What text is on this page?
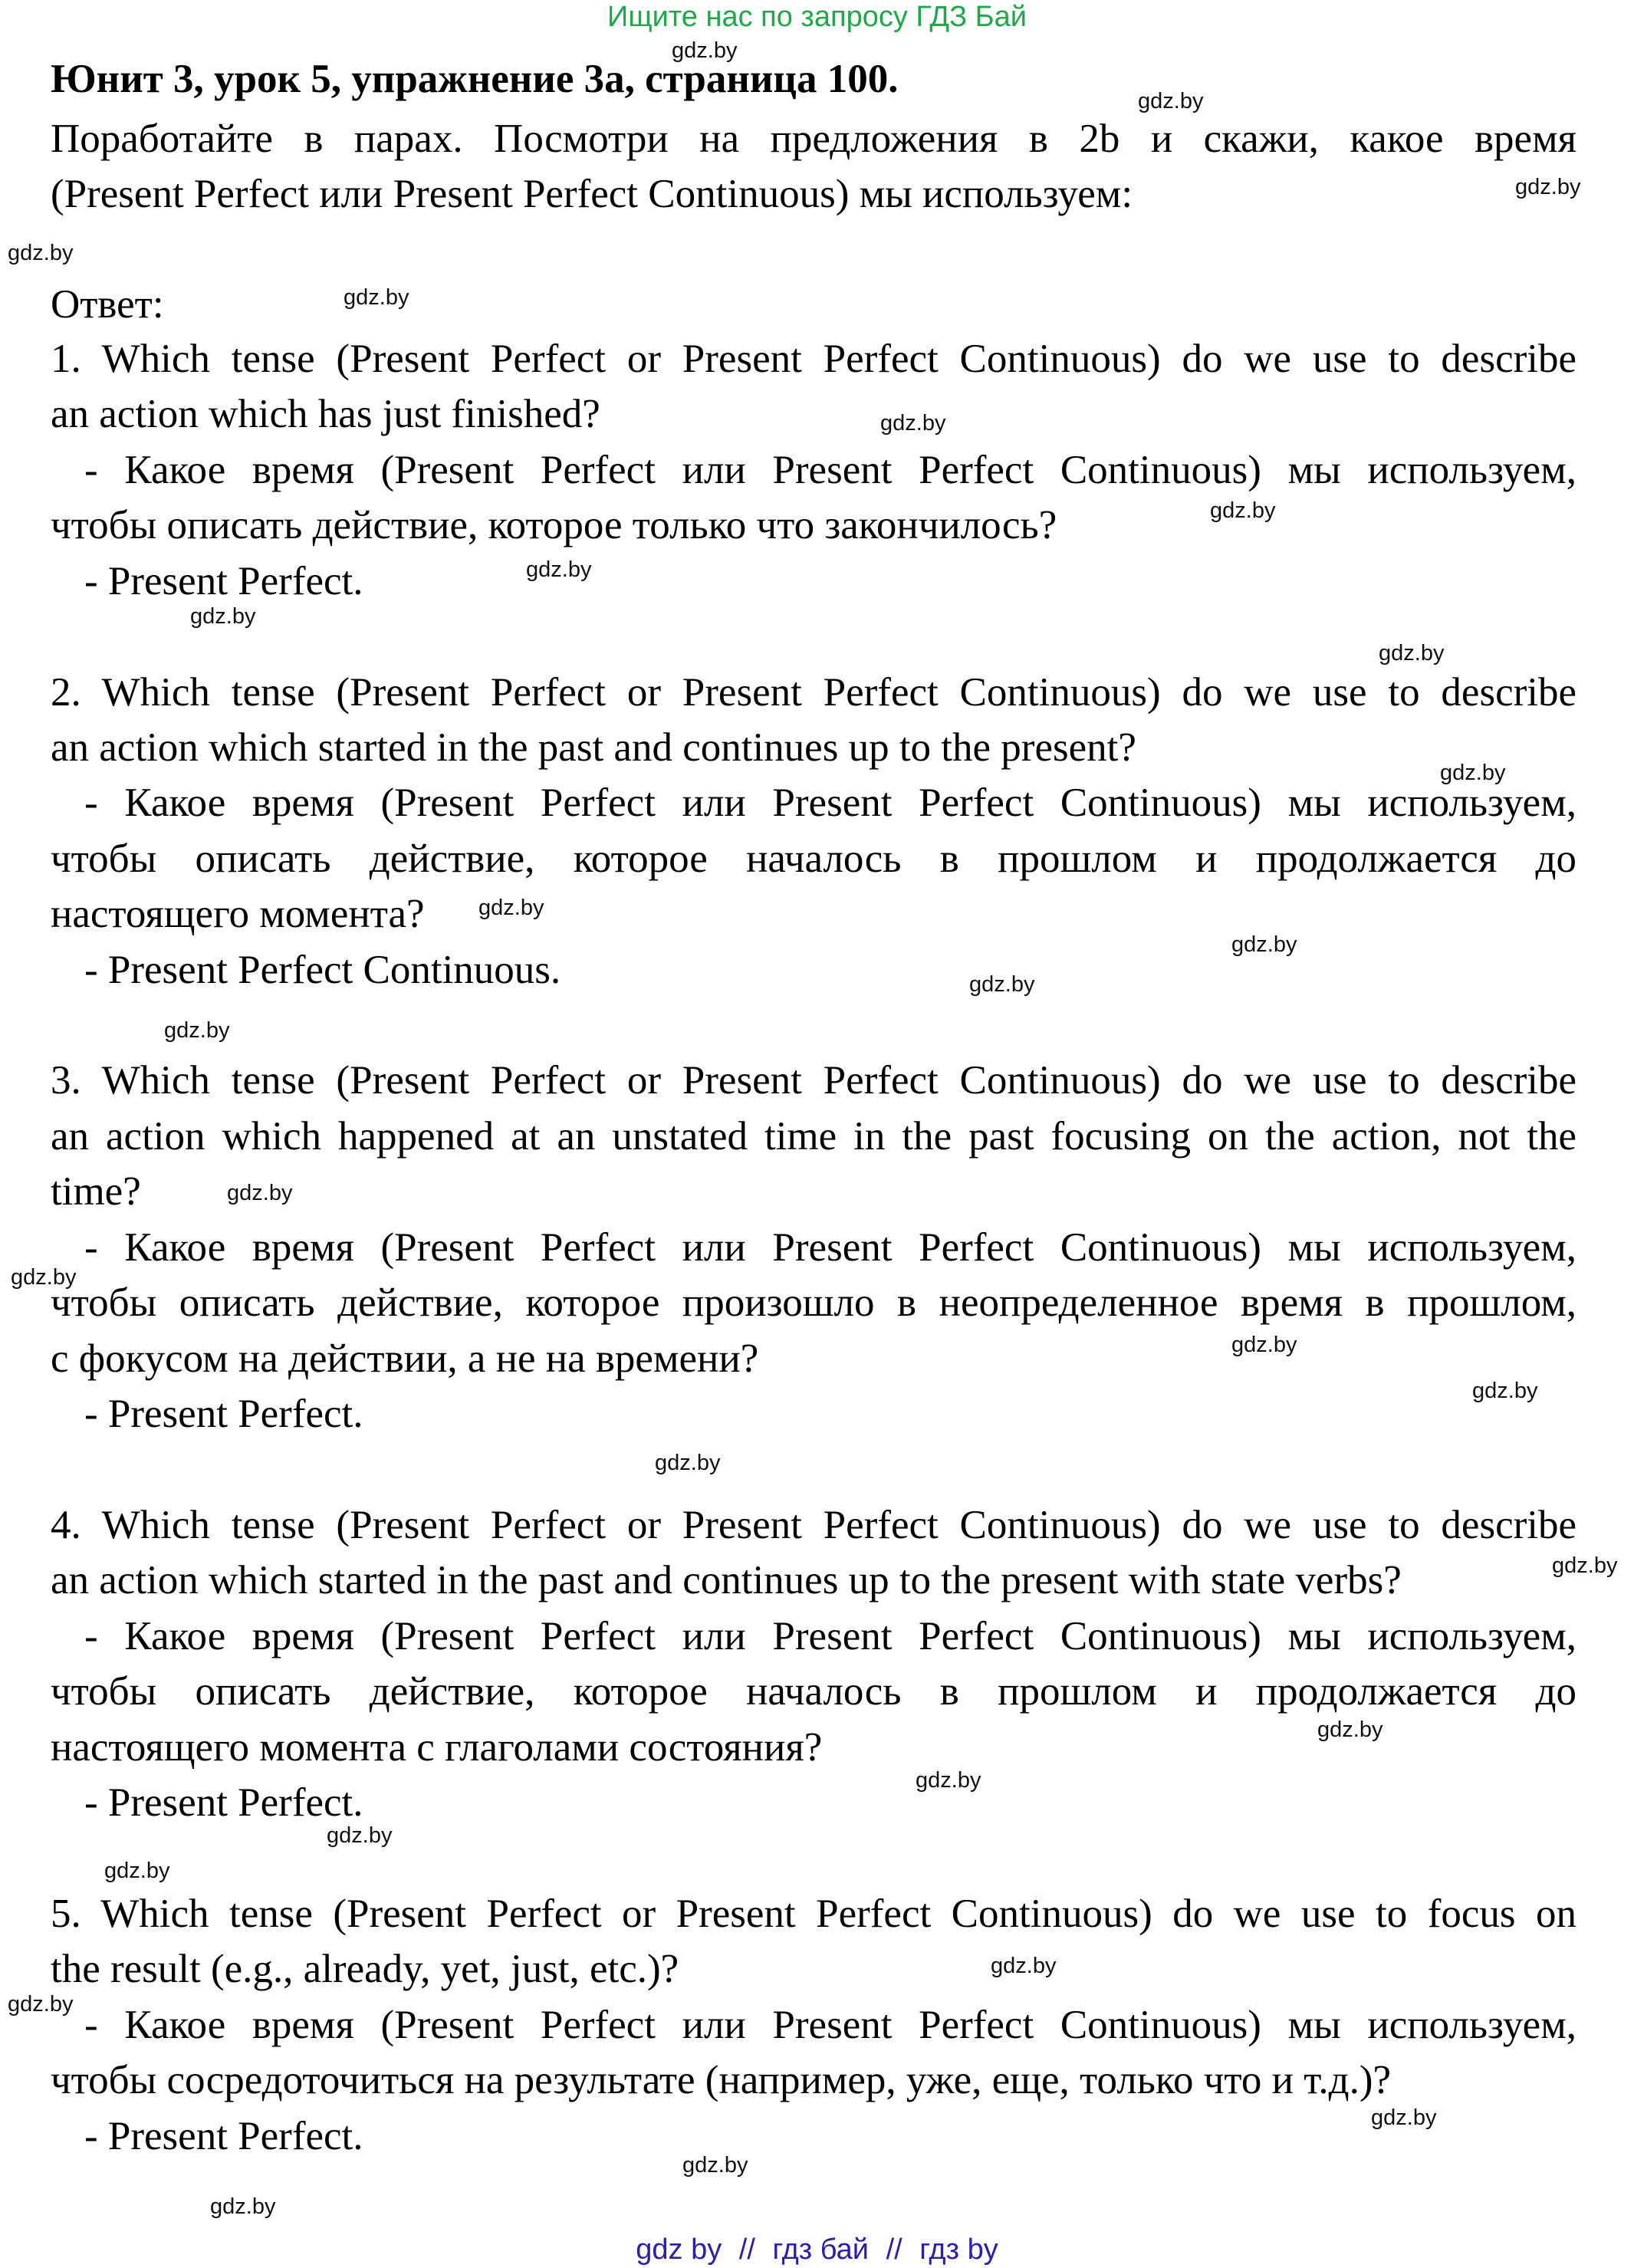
Ищите нас по запросу ГДЗ Бай
Юнит 3, урок 5, упражнение 3а, страница 100.
Поработайте в парах. Посмотри на предложения в 2b и скажи, какое время
(Present Perfect или Present Perfect Continuous) мы используем:
Ответ:
1. Which tense (Present Perfect or Present Perfect Continuous) do we use to describe
an action which has just finished?
- Какое время (Present Perfect или Present Perfect Continuous) мы используем,
чтобы описать действие, которое только что закончилось?
- Present Perfect.
2. Which tense (Present Perfect or Present Perfect Continuous) do we use to describe
an action which started in the past and continues up to the present?
- Какое время (Present Perfect или Present Perfect Continuous) мы используем,
чтобы описать действие, которое началось в прошлом и продолжается до
настоящего момента?
- Present Perfect Continuous.
3. Which tense (Present Perfect or Present Perfect Continuous) do we use to describe
an action which happened at an unstated time in the past focusing on the action, not the
time?
- Какое время (Present Perfect или Present Perfect Continuous) мы используем,
чтобы описать действие, которое произошло в неопределенное время в прошлом,
с фокусом на действии, а не на времени?
- Present Perfect.
4. Which tense (Present Perfect or Present Perfect Continuous) do we use to describe
an action which started in the past and continues up to the present with state verbs?
- Какое время (Present Perfect или Present Perfect Continuous) мы используем,
чтобы описать действие, которое началось в прошлом и продолжается до
настоящего момента с глаголами состояния?
- Present Perfect.
5. Which tense (Present Perfect or Present Perfect Continuous) do we use to focus on
the result (e.g., already, yet, just, etc.)?
- Какое время (Present Perfect или Present Perfect Continuous) мы используем,
чтобы сосредоточиться на результате (например, уже, еще, только что и т.д.)?
- Present Perfect.
gdz.by
gdz.by
gdz.by
gdz.by
gdz.by
gdz.by
gdz.by
gdz.by
gdz.by
gdz.by
gdz.by
gdz.by
gdz.by
gdz.by
gdz.by
gdz.by
gdz.by
gdz.by
gdz.by
gdz.by
gdz.by
gdz.by
gdz.by
gdz.by
gdz.by
gdz.by
gdz.by
gdz.by
gdz.by
gdz.by
gdz by // гдз бай // гдз by
